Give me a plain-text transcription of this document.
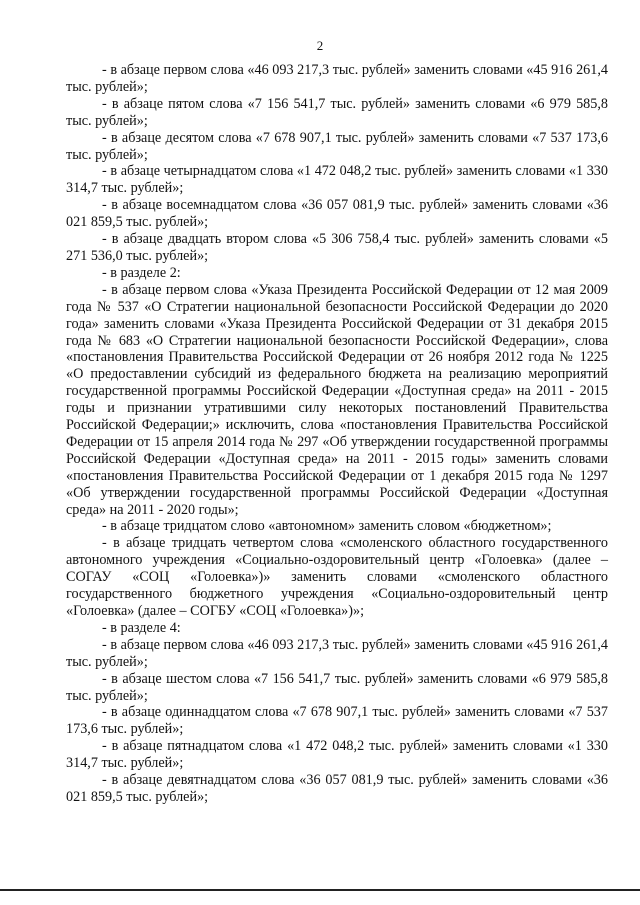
2

- в абзаце первом слова «46 093 217,3 тыс. рублей» заменить словами «45 916 261,4 тыс. рублей»;

- в абзаце пятом слова «7 156 541,7 тыс. рублей» заменить словами «6 979 585,8 тыс. рублей»;

- в абзаце десятом слова «7 678 907,1 тыс. рублей» заменить словами «7 537 173,6 тыс. рублей»;

- в абзаце четырнадцатом слова «1 472 048,2 тыс. рублей» заменить словами «1 330 314,7 тыс. рублей»;

- в абзаце восемнадцатом слова «36 057 081,9 тыс. рублей» заменить словами «36 021 859,5 тыс. рублей»;

- в абзаце двадцать втором слова «5 306 758,4 тыс. рублей» заменить словами «5 271 536,0 тыс. рублей»;

- в разделе 2:

- в абзаце первом слова «Указа Президента Российской Федерации от 12 мая 2009 года № 537 «О Стратегии национальной безопасности Российской Федерации до 2020 года» заменить словами «Указа Президента Российской Федерации от 31 декабря 2015 года № 683 «О Стратегии национальной безопасности Российской Федерации», слова «постановления Правительства Российской Федерации от 26 ноября 2012 года № 1225 «О предоставлении субсидий из федерального бюджета на реализацию мероприятий государственной программы Российской Федерации «Доступная среда» на 2011 - 2015 годы и признании утратившими силу некоторых постановлений Правительства Российской Федерации;» исключить, слова «постановления Правительства Российской Федерации от 15 апреля 2014 года № 297 «Об утверждении государственной программы Российской Федерации «Доступная среда» на 2011 - 2015 годы» заменить словами «постановления Правительства Российской Федерации от 1 декабря 2015 года № 1297 «Об утверждении государственной программы Российской Федерации «Доступная среда» на 2011 - 2020 годы»;

- в абзаце тридцатом слово «автономном» заменить словом «бюджетном»;

- в абзаце тридцать четвертом слова «смоленского областного государственного автономного учреждения «Социально-оздоровительный центр «Голоевка» (далее – СОГАУ «СОЦ «Голоевка»)» заменить словами «смоленского областного государственного бюджетного учреждения «Социально-оздоровительный центр «Голоевка» (далее – СОГБУ «СОЦ «Голоевка»)»;

- в разделе 4:

- в абзаце первом слова «46 093 217,3 тыс. рублей» заменить словами «45 916 261,4 тыс. рублей»;

- в абзаце шестом слова «7 156 541,7 тыс. рублей» заменить словами «6 979 585,8 тыс. рублей»;

- в абзаце одиннадцатом слова «7 678 907,1 тыс. рублей» заменить словами «7 537 173,6 тыс. рублей»;

- в абзаце пятнадцатом слова «1 472 048,2 тыс. рублей» заменить словами «1 330 314,7 тыс. рублей»;

- в абзаце девятнадцатом слова «36 057 081,9 тыс. рублей» заменить словами «36 021 859,5 тыс. рублей»;
